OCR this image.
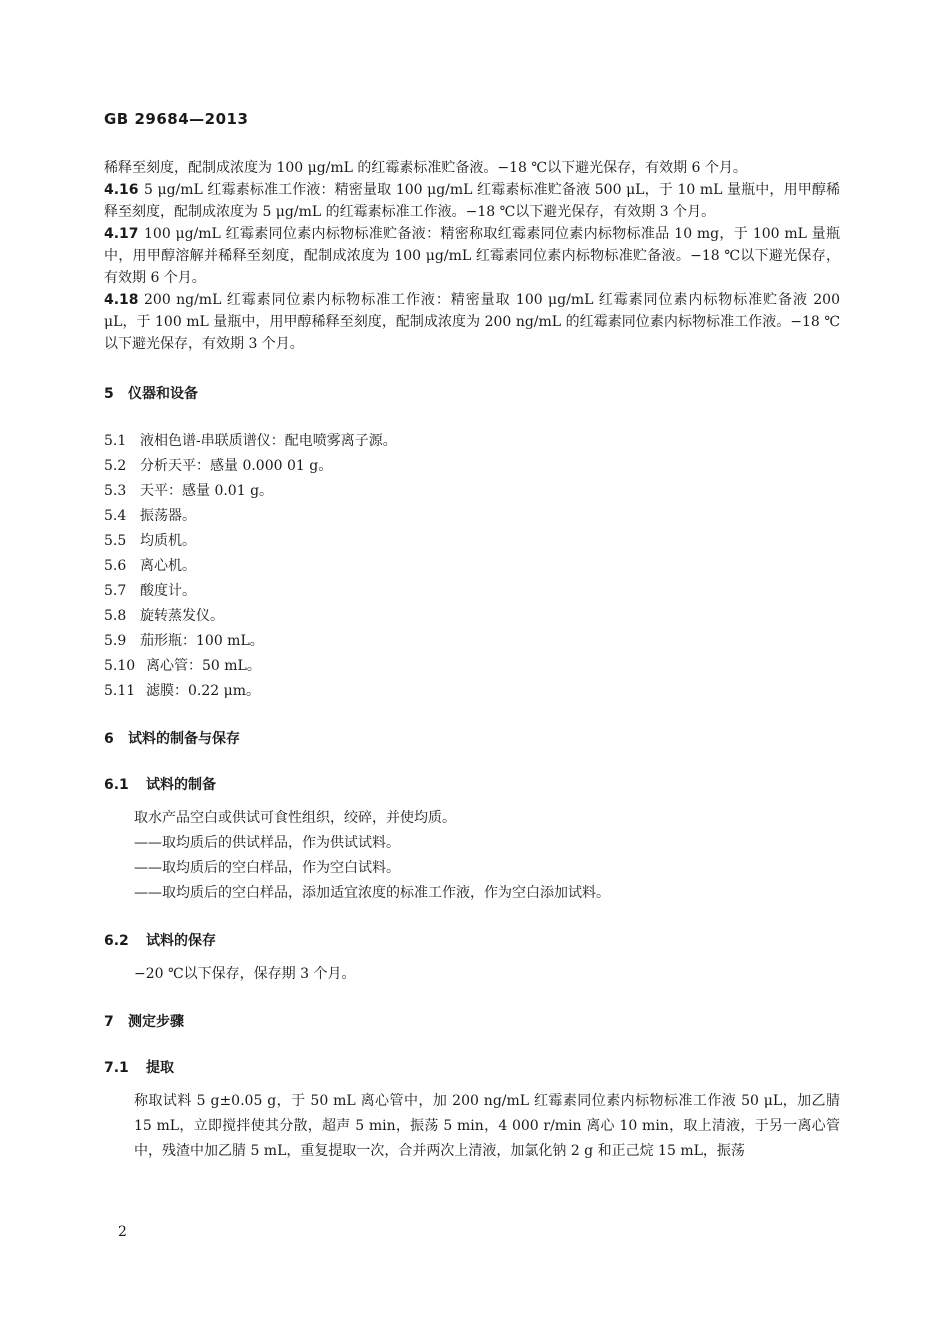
GB 29684—2013

稀释至刻度，配制成浓度为 100 μg/mL 的红霉素标准贮备液。−18 ℃以下避光保存，有效期 6 个月。

4.16 5 μg/mL 红霉素标准工作液：精密量取 100 μg/mL 红霉素标准贮备液 500 μL，于 10 mL 量瓶中，用甲醇稀释至刻度，配制成浓度为 5 μg/mL 的红霉素标准工作液。−18 ℃以下避光保存，有效期 3 个月。

4.17 100 μg/mL 红霉素同位素内标物标准贮备液：精密称取红霉素同位素内标物标准品 10 mg，于 100 mL 量瓶中，用甲醇溶解并稀释至刻度，配制成浓度为 100 μg/mL 红霉素同位素内标物标准贮备液。−18 ℃以下避光保存，有效期 6 个月。

4.18 200 ng/mL 红霉素同位素内标物标准工作液：精密量取 100 μg/mL 红霉素同位素内标物标准贮备液 200 μL，于 100 mL 量瓶中，用甲醇稀释至刻度，配制成浓度为 200 ng/mL 的红霉素同位素内标物标准工作液。−18 ℃以下避光保存，有效期 3 个月。

5 仪器和设备
5.1 液相色谱-串联质谱仪：配电喷雾离子源。
5.2 分析天平：感量 0.000 01 g。
5.3 天平：感量 0.01 g。
5.4 振荡器。
5.5 均质机。
5.6 离心机。
5.7 酸度计。
5.8 旋转蒸发仪。
5.9 茄形瓶：100 mL。
5.10 离心管：50 mL。
5.11 滤膜：0.22 μm。
6 试料的制备与保存
6.1 试料的制备
取水产品空白或供试可食性组织，绞碎，并使均质。
——取均质后的供试样品，作为供试试料。
——取均质后的空白样品，作为空白试料。
——取均质后的空白样品，添加适宜浓度的标准工作液，作为空白添加试料。
6.2 试料的保存
−20 ℃以下保存，保存期 3 个月。
7 测定步骤
7.1 提取

称取试料 5 g±0.05 g，于 50 mL 离心管中，加 200 ng/mL 红霉素同位素内标物标准工作液 50 μL，加乙腈 15 mL，立即搅拌使其分散，超声 5 min，振荡 5 min，4 000 r/min 离心 10 min，取上清液，于另一离心管中，残渣中加乙腈 5 mL，重复提取一次，合并两次上清液，加氯化钠 2 g 和正己烷 15 mL，振荡

2
